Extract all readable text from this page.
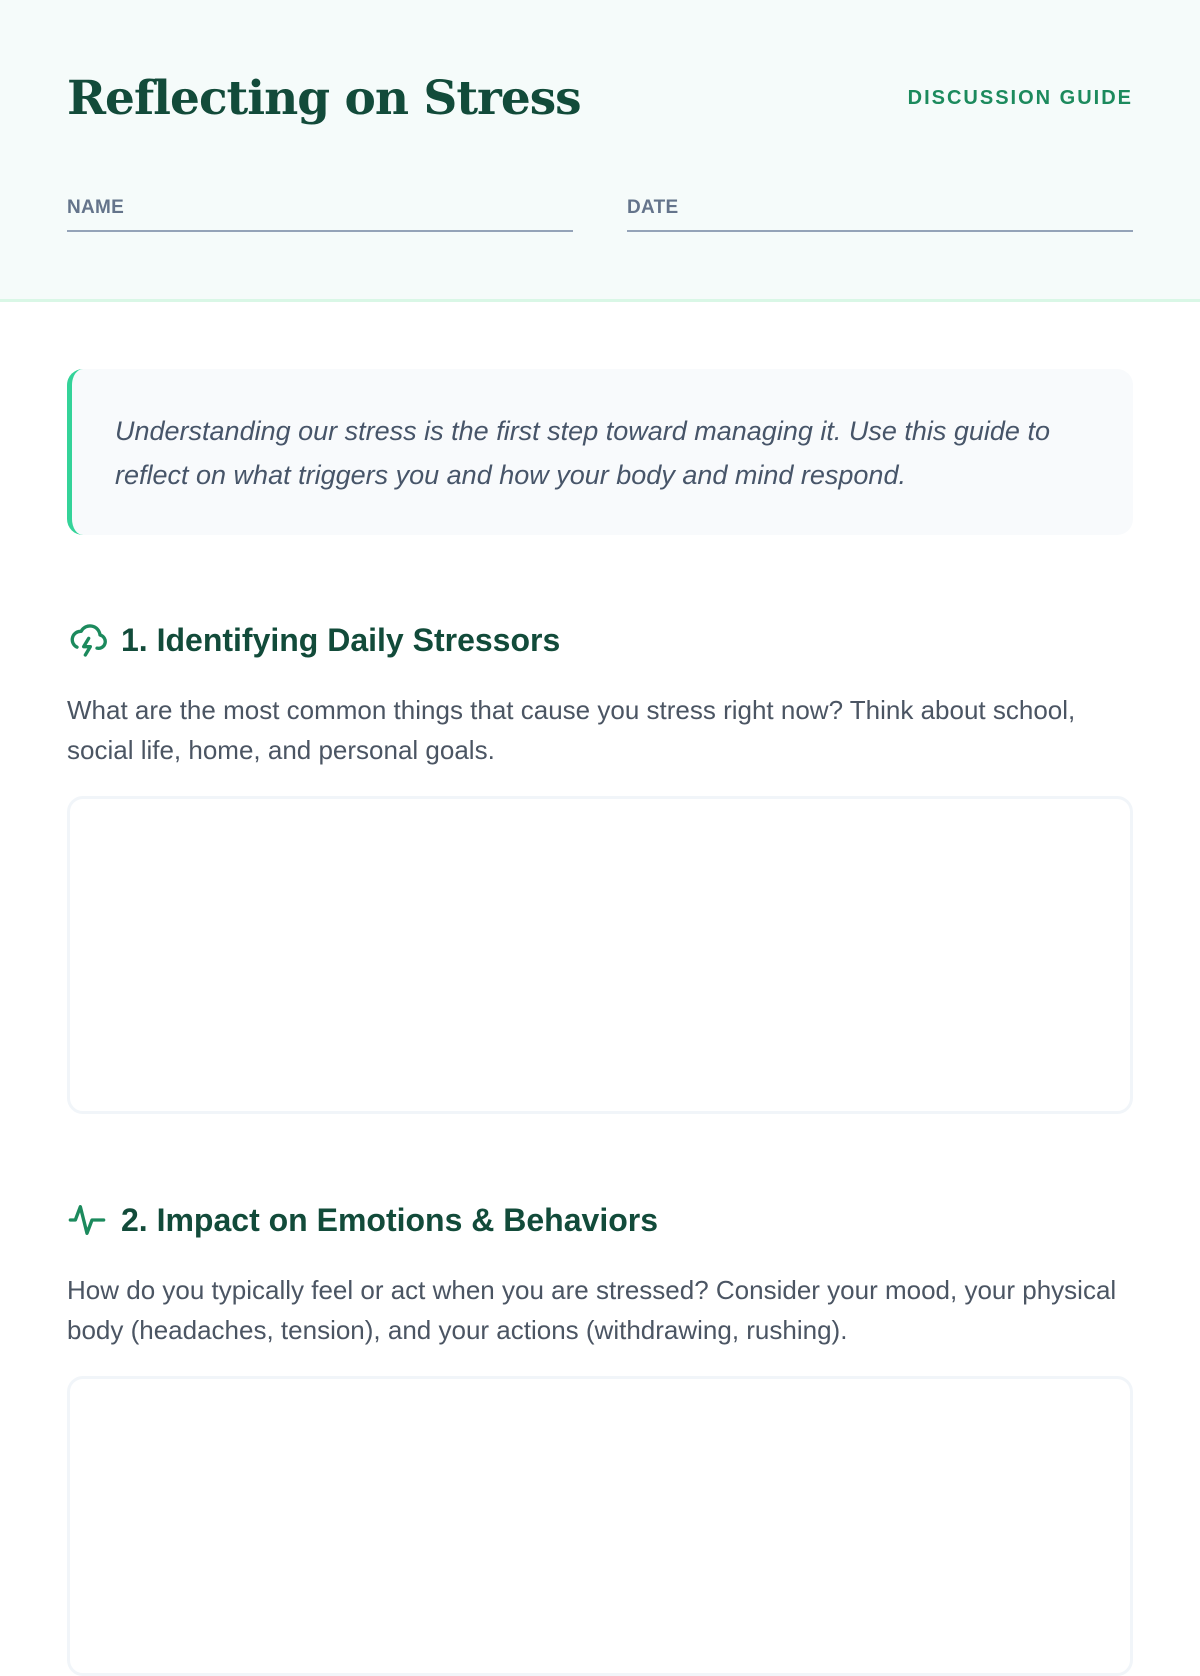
Reflecting on Stress	DISCUSSION GUIDE
NAME	DATE

Understanding our stress is the first step toward managing it. Use this guide to reflect on what triggers you and how your body and mind respond.

1. Identifying Daily Stressors

What are the most common things that cause you stress right now? Think about school, social life, home, and personal goals.

2. Impact on Emotions & Behaviors

How do you typically feel or act when you are stressed? Consider your mood, your physical body (headaches, tension), and your actions (withdrawing, rushing).
